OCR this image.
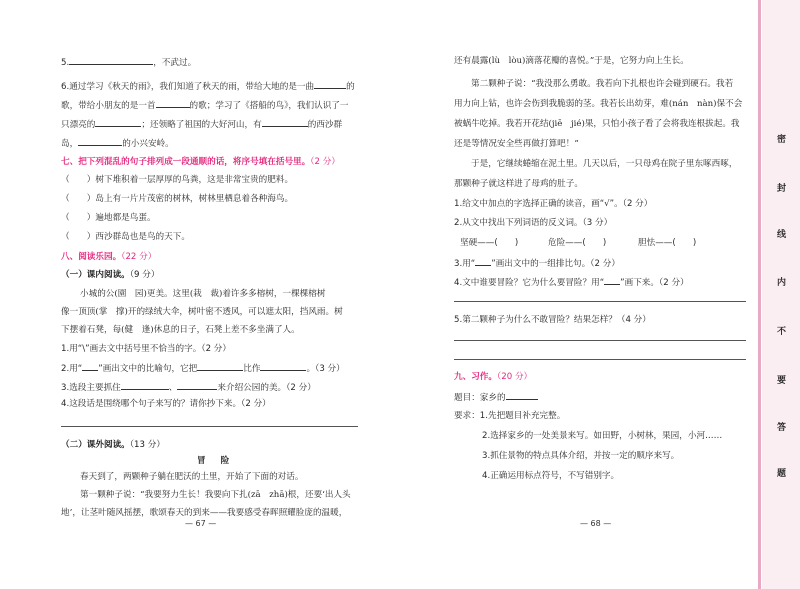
密
封
线
内
不
要
答
题
5.	，不武过。
6.通过学习《秋天的雨》，我们知道了秋天的雨，带给大地的是一曲	的
歌，带给小朋友的是一首	的歌；学习了《搭船的鸟》，我们认识了一
只漂亮的	；还领略了祖国的大好河山，有	的西沙群
岛，	的小兴安岭。
七、把下列混乱的句子排列成一段通顺的话，将序号填在括号里。（2 分）
（　　）树下堆积着一层厚厚的鸟粪，这是非常宝贵的肥料。
（　　）岛上有一片片茂密的树林，树林里栖息着各种海鸟。
（　　）遍地都是鸟蛋。
（　　）西沙群岛也是鸟的天下。
八、阅读乐园。（22 分）
（一）课内阅读。（9 分）
小城的公(園　园)更美。这里(栽　裁)着许多多榕树，一棵棵榕树
像一顶顶(掌　撑)开的绿绒大伞，树叶密不透风，可以遮太阳，挡风雨。树
下摆着石凳，每(健　逢)休息的日子，石凳上差不多坐满了人。
1.用“\”画去文中括号里不恰当的字。（2 分）
2.用“ ”画出文中的比喻句，它把	比作	。（3 分）
3.选段主要抓住	、	来介绍公园的美。（2 分）
4.这段话是围绕哪个句子来写的？请你抄下来。（2 分）
（二）课外阅读。（13 分）
冒 险
春天到了，两颗种子躺在肥沃的土里，开始了下面的对话。
第一颗种子说：“我要努力生长！我要向下扎(zā　zhā)根，还要‘出人头
地’，让茎叶随风摇摆，歌颂春天的到来——我要感受春晖照耀脸庞的温暖，
— 67 —
还有晨露(lù　lòu)滴落花瓣的喜悦。”于是，它努力向上生长。
第二颗种子说：“我没那么勇敢。我若向下扎根也许会碰到硬石。我若
用力向上钻，也许会伤到我脆弱的茎。我若长出幼芽，难(nán　nàn)保不会
被蜗牛吃掉。我若开花结(jiē　jié)果，只怕小孩子看了会将我连根拔起。我
还是等情况安全些再做打算吧！”
于是，它继续蜷缩在泥土里。几天以后，一只母鸡在院子里东啄西啄，
那颗种子就这样进了母鸡的肚子。
1.给文中加点的字选择正确的读音，画“√”。（2 分）
2.从文中找出下列词语的反义词。（3 分）
坚硬——(　　)	危险——(　　)	胆怯——(　　)
3.用“ ”画出文中的一组排比句。（2 分）
4.文中谁要冒险？它为什么要冒险？用“ ”画下来。（2 分）
5.第二颗种子为什么不敢冒险？结果怎样？（4 分）
九、习作。（20 分）
题目：家乡的
要求：1.先把题目补充完整。
2.选择家乡的一处美景来写。如田野，小树林，果园，小河……
3.抓住景物的特点具体介绍，并按一定的顺序来写。
4.正确运用标点符号，不写错别字。
— 68 —
